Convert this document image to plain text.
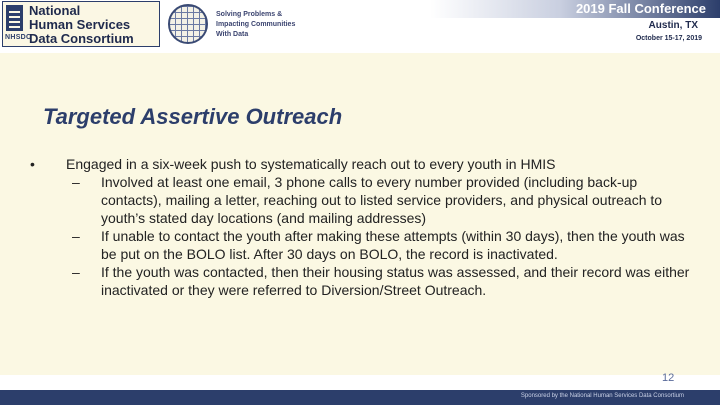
NHSDC
National
Human Services
Data Consortium
Solving Problems &
Impacting Communities
With Data
2019 Fall Conference
Austin, TX
October 15-17, 2019
Targeted Assertive Outreach
• Engaged in a six-week push to systematically reach out to every youth in HMIS
– Involved at least one email, 3 phone calls to every number provided (including back-up contacts), mailing a letter, reaching out to listed service providers, and physical outreach to youth’s stated day locations (and mailing addresses)
– If unable to contact the youth after making these attempts (within 30 days), then the youth was be put on the BOLO list. After 30 days on BOLO, the record is inactivated.
– If the youth was contacted, then their housing status was assessed, and their record was either inactivated or they were referred to Diversion/Street Outreach.
12
Sponsored by the National Human Services Data Consortium
